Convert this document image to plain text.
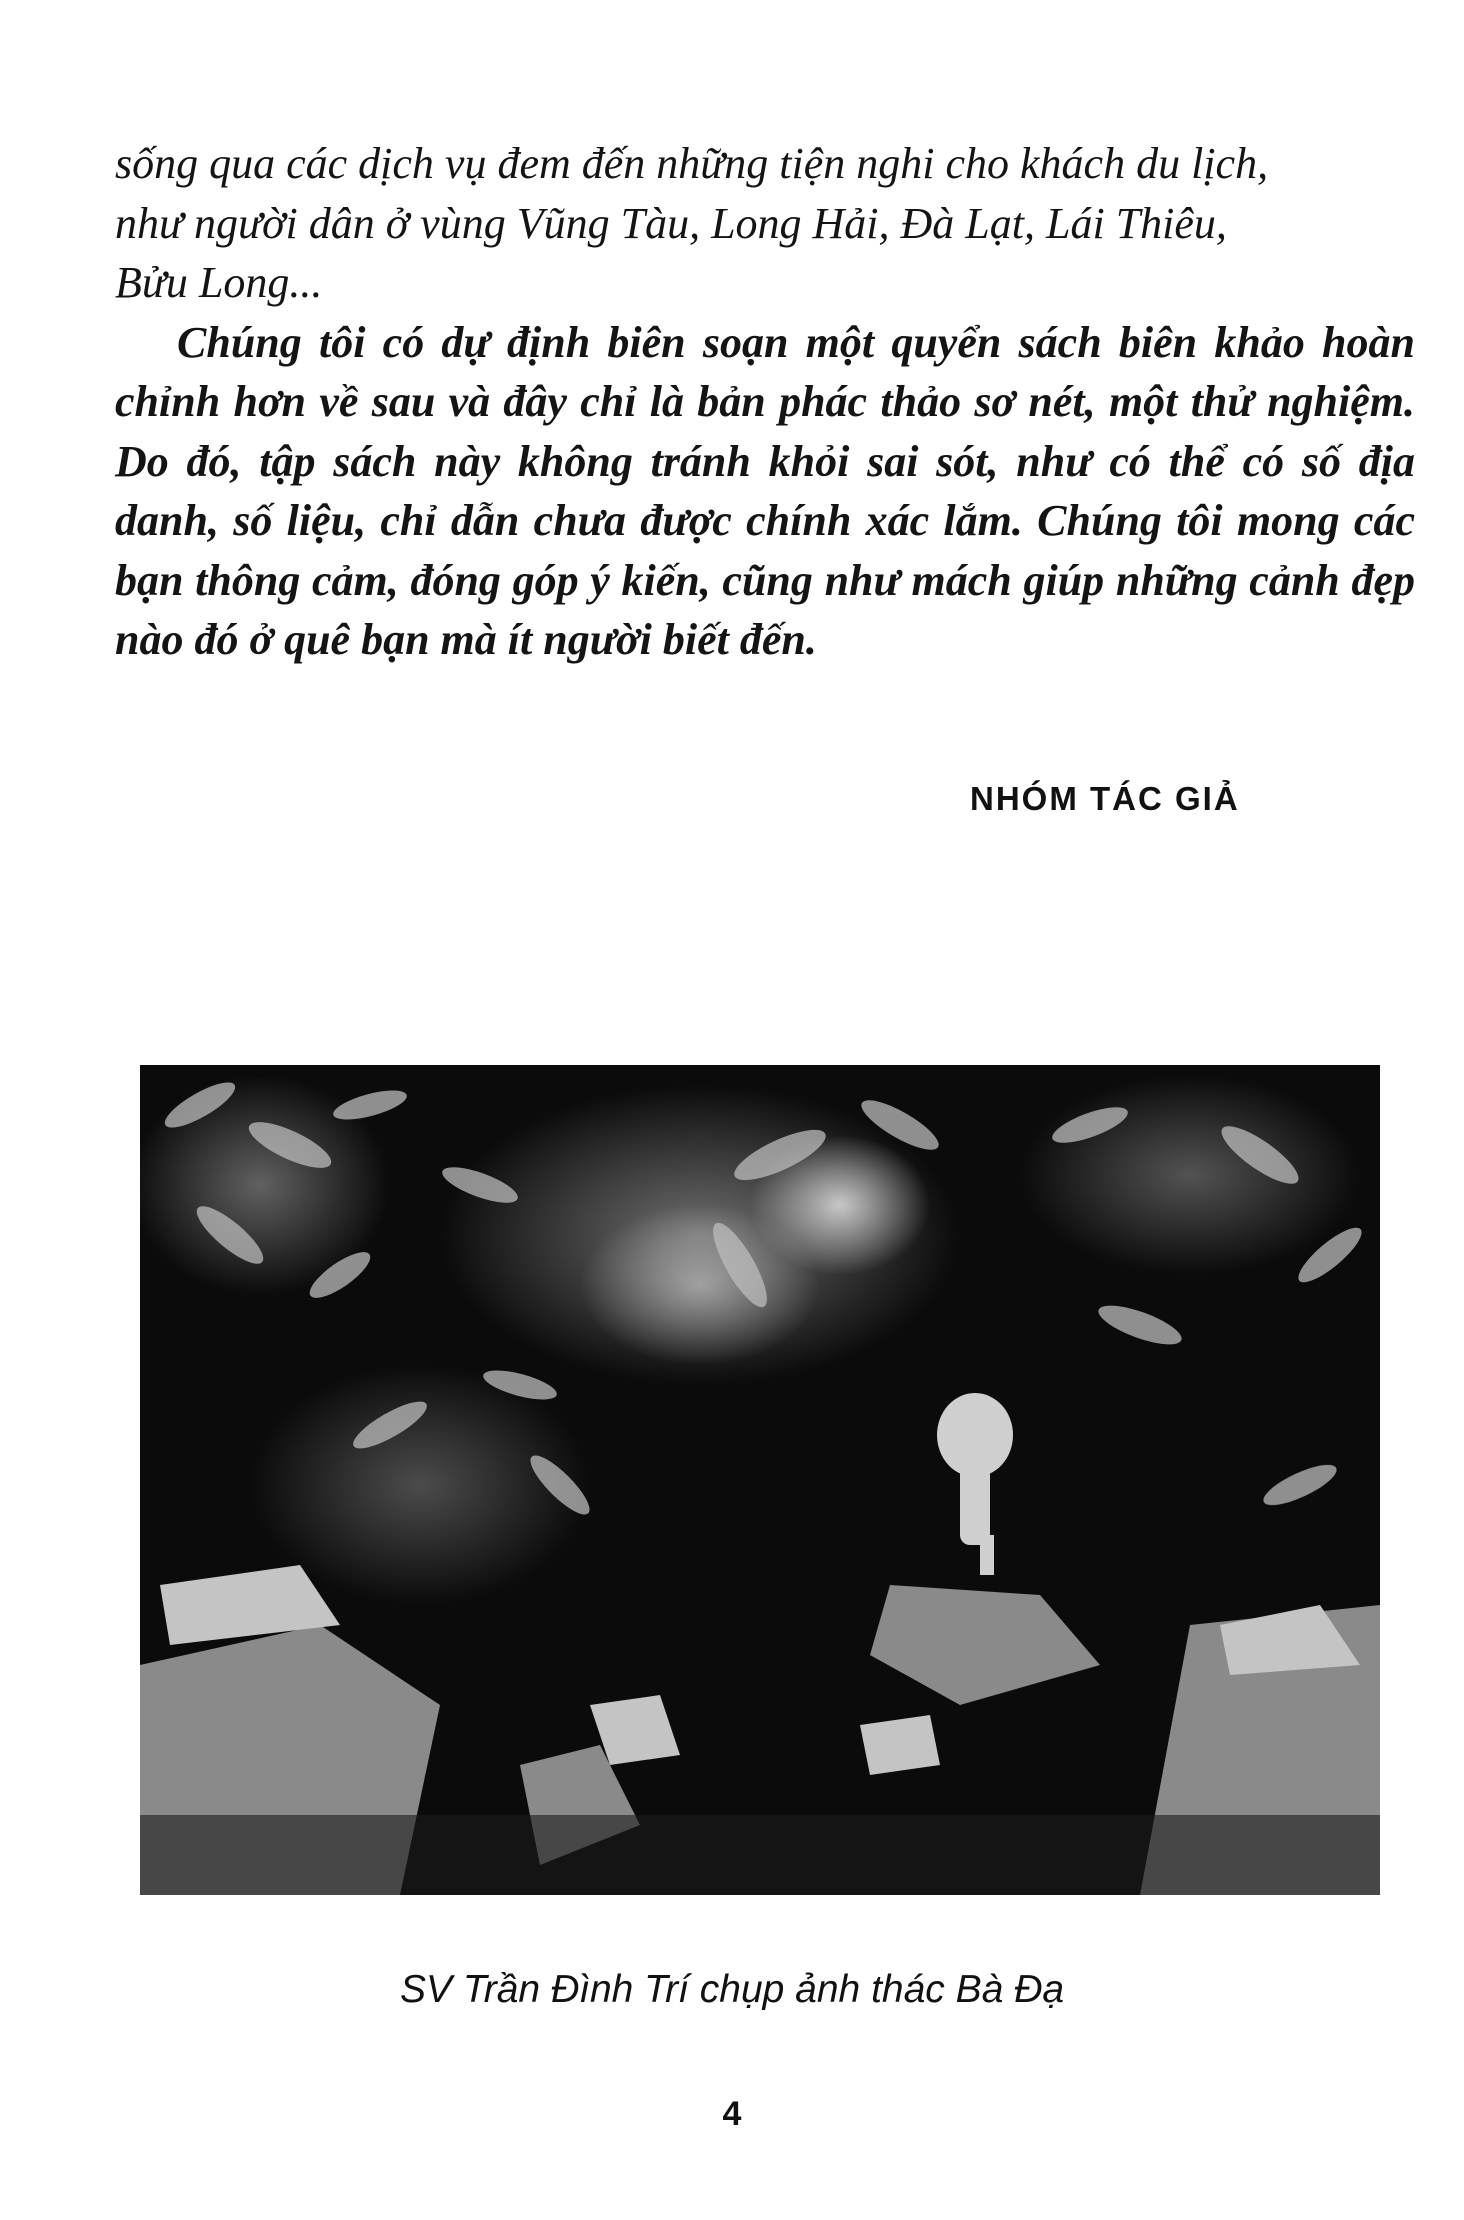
sống qua các dịch vụ đem đến những tiện nghi cho khách du lịch,
như người dân ở vùng Vũng Tàu, Long Hải, Đà Lạt, Lái Thiêu,
Bửu Long...

Chúng tôi có dự định biên soạn một quyển sách biên khảo hoàn chỉnh hơn về sau và đây chỉ là bản phác thảo sơ nét, một thử nghiệm. Do đó, tập sách này không tránh khỏi sai sót, như có thể có số địa danh, số liệu, chỉ dẫn chưa được chính xác lắm. Chúng tôi mong các bạn thông cảm, đóng góp ý kiến, cũng như mách giúp những cảnh đẹp nào đó ở quê bạn mà ít người biết đến.

NHÓM TÁC GIẢ
SV Trần Đình Trí chụp ảnh thác Bà Đạ
4
